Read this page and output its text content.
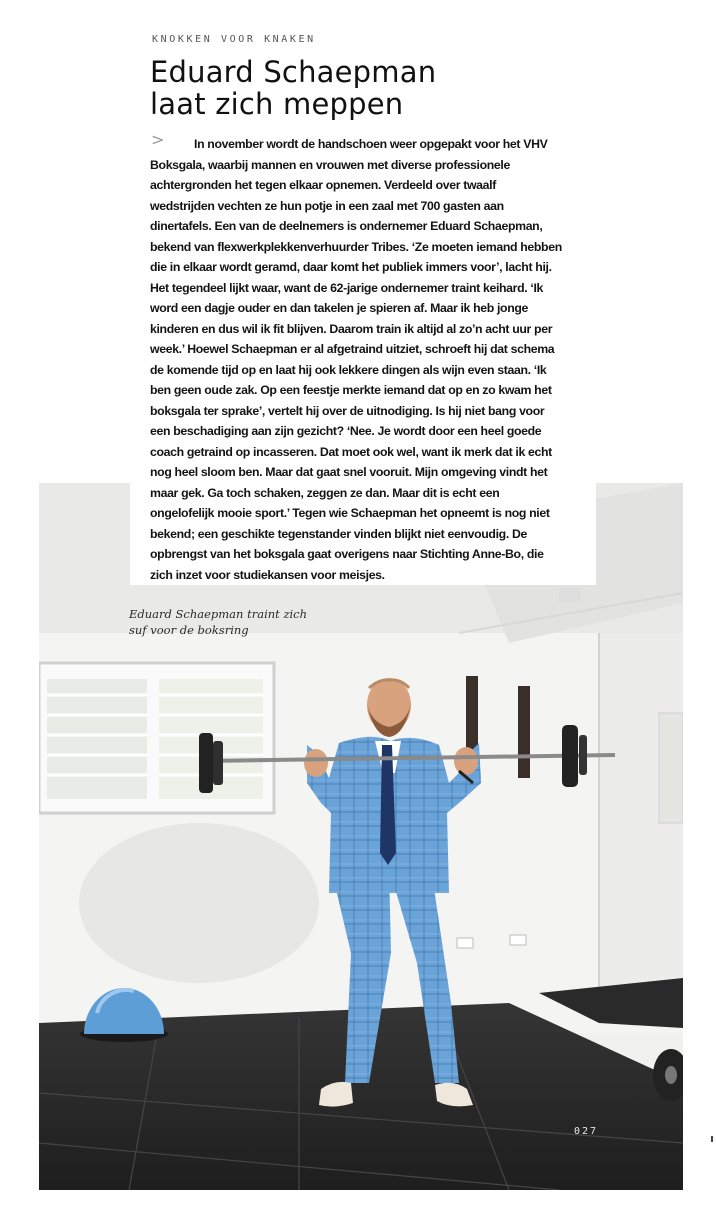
KNOKKEN VOOR KNAKEN
Eduard Schaepman
laat zich meppen
>	In november wordt de handschoen weer opgepakt voor het VHV Boksgala, waarbij mannen en vrouwen met diverse professionele achtergronden het tegen elkaar opnemen. Verdeeld over twaalf wedstrijden vechten ze hun potje in een zaal met 700 gasten aan dinertafels. Een van de deelnemers is ondernemer Eduard Schaepman, bekend van flexwerkplekkenverhuurder Tribes. ‘Ze moeten iemand hebben die in elkaar wordt geramd, daar komt het publiek immers voor’, lacht hij. Het tegendeel lijkt waar, want de 62-jarige ondernemer traint keihard. ‘Ik word een dagje ouder en dan takelen je spieren af. Maar ik heb jonge kinderen en dus wil ik fit blijven. Daarom train ik altijd al zo’n acht uur per week.’ Hoewel Schaepman er al afgetraind uitziet, schroeft hij dat schema de komende tijd op en laat hij ook lekkere dingen als wijn even staan. ‘Ik ben geen oude zak. Op een feestje merkte iemand dat op en zo kwam het boksgala ter sprake’, vertelt hij over de uitnodiging. Is hij niet bang voor een beschadiging aan zijn gezicht? ‘Nee. Je wordt door een heel goede coach getraind op incasseren. Dat moet ook wel, want ik merk dat ik echt nog heel sloom ben. Maar dat gaat snel vooruit. Mijn omgeving vindt het maar gek. Ga toch schaken, zeggen ze dan. Maar dit is echt een ongelofelijk mooie sport.’ Tegen wie Schaepman het opneemt is nog niet bekend; een geschikte tegenstander vinden blijkt niet eenvoudig. De opbrengst van het boksgala gaat overigens naar Stichting Anne-Bo, die zich inzet voor studiekansen voor meisjes.

Eduard Schaepman traint zich suf voor de boksring

027
